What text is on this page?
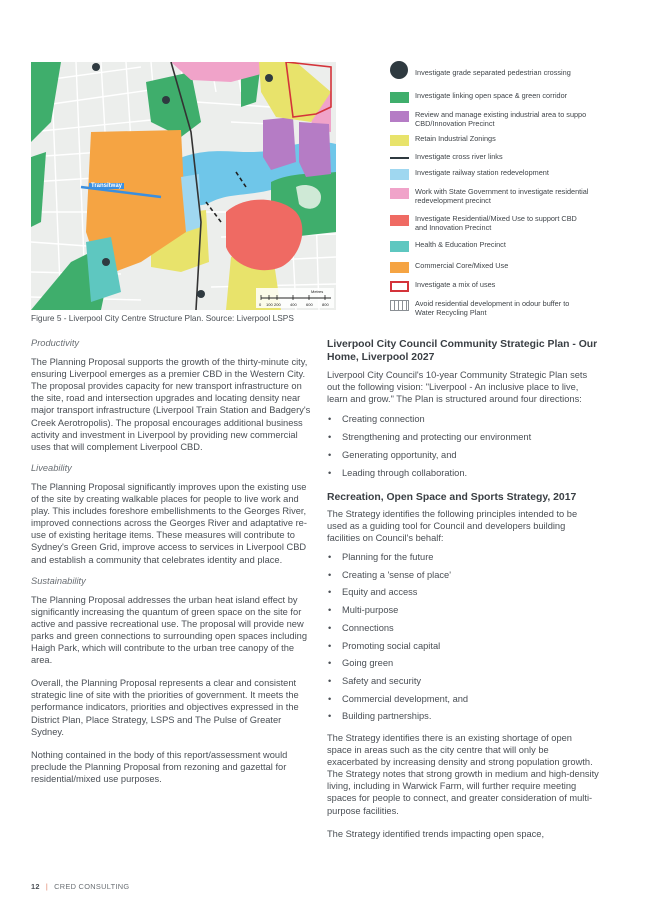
Transitway
Metres
0 100 200 400 600 800
Investigate grade separated pedestrian crossing
Investigate linking open space & green corridor
Review and manage existing industrial area to suppo CBD/Innovation Precinct
Retain Industrial Zonings
Investigate cross river links
Investigate railway station redevelopment
Work with State Government to investigate residential redevelopment precinct
Investigate Residential/Mixed Use to support CBD and Innovation Precinct
Health & Education Precinct
Commercial Core/Mixed Use
Investigate a mix of uses
Avoid residential development in odour buffer to Water Recycling Plant
Figure 5 - Liverpool City Centre Structure Plan. Source: Liverpool LSPS

Productivity

The Planning Proposal supports the growth of the thirty-minute city, ensuring Liverpool emerges as a premier CBD in the Western City. The proposal provides capacity for new transport infrastructure on the site, road and intersection upgrades and locating density near major transport infrastructure (Liverpool Train Station and Badgery's Creek Aerotropolis). The proposal encourages additional business activity and investment in Liverpool by providing new commercial uses that will complement Liverpool CBD.

Liveability

The Planning Proposal significantly improves upon the existing use of the site by creating walkable places for people to live work and play. This includes foreshore embellishments to the Georges River, improved connections across the Georges River and adaptative re-use of existing heritage items. These measures will contribute to Sydney's Green Grid, improve access to services in Liverpool CBD and establish a community that celebrates identity and place.

Sustainability

The Planning Proposal addresses the urban heat island effect by significantly increasing the quantum of green space on the site for active and passive recreational use. The proposal will provide new parks and green connections to surrounding open spaces including Haigh Park, which will contribute to the urban tree canopy of the area.

Overall, the Planning Proposal represents a clear and consistent strategic line of site with the priorities of government. It meets the performance indicators, priorities and objectives expressed in the District Plan, Place Strategy, LSPS and The Pulse of Greater Sydney.

Nothing contained in the body of this report/assessment would preclude the Planning Proposal from rezoning and gazettal for residential/mixed use purposes.

Liverpool City Council Community Strategic Plan - Our Home, Liverpool 2027

Liverpool City Council's 10-year Community Strategic Plan sets out the following vision: "Liverpool - An inclusive place to live, learn and grow." The Plan is structured around four directions:

• Creating connection
• Strengthening and protecting our environment
• Generating opportunity, and
• Leading through collaboration.

Recreation, Open Space and Sports Strategy, 2017

The Strategy identifies the following principles intended to be used as a guiding tool for Council and developers building facilities on Council's behalf:

• Planning for the future
• Creating a 'sense of place'
• Equity and access
• Multi-purpose
• Connections
• Promoting social capital
• Going green
• Safety and security
• Commercial development, and
• Building partnerships.

The Strategy identifies there is an existing shortage of open space in areas such as the city centre that will only be exacerbated by increasing density and strong population growth. The Strategy notes that strong growth in medium and high-density living, including in Warwick Farm, will further require meeting spaces for people to connect, and greater consideration of multi-purpose facilities.

The Strategy identified trends impacting open space,

12 | CRED CONSULTING
